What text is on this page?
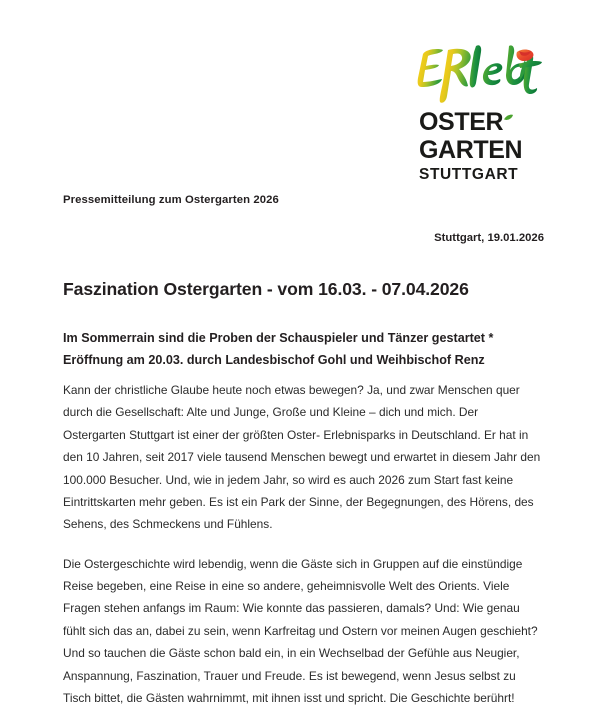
OSTER
GARTEN
STUTTGART
Pressemitteilung zum Ostergarten 2026
Stuttgart, 19.01.2026
Faszination Ostergarten - vom 16.03. - 07.04.2026
Im Sommerrain sind die Proben der Schauspieler und Tänzer gestartet * Eröffnung am 20.03. durch Landesbischof Gohl und Weihbischof Renz

Kann der christliche Glaube heute noch etwas bewegen? Ja, und zwar Menschen quer durch die Gesellschaft: Alte und Junge, Große und Kleine – dich und mich. Der Ostergarten Stuttgart ist einer der größten Oster- Erlebnisparks in Deutschland. Er hat in den 10 Jahren, seit 2017 viele tausend Menschen bewegt und erwartet in diesem Jahr den 100.000 Besucher. Und, wie in jedem Jahr, so wird es auch 2026 zum Start fast keine Eintrittskarten mehr geben. Es ist ein Park der Sinne, der Begegnungen, des Hörens, des Sehens, des Schmeckens und Fühlens.

Die Ostergeschichte wird lebendig, wenn die Gäste sich in Gruppen auf die einstündige Reise begeben, eine Reise in eine so andere, geheimnisvolle Welt des Orients. Viele Fragen stehen anfangs im Raum: Wie konnte das passieren, damals? Und: Wie genau fühlt sich das an, dabei zu sein, wenn Karfreitag und Ostern vor meinen Augen geschieht? Und so tauchen die Gäste schon bald ein, in ein Wechselbad der Gefühle aus Neugier, Anspannung, Faszination, Trauer und Freude. Es ist bewegend, wenn Jesus selbst zu Tisch bittet, die Gästen wahrnimmt, mit ihnen isst und spricht. Die Geschichte berührt!
